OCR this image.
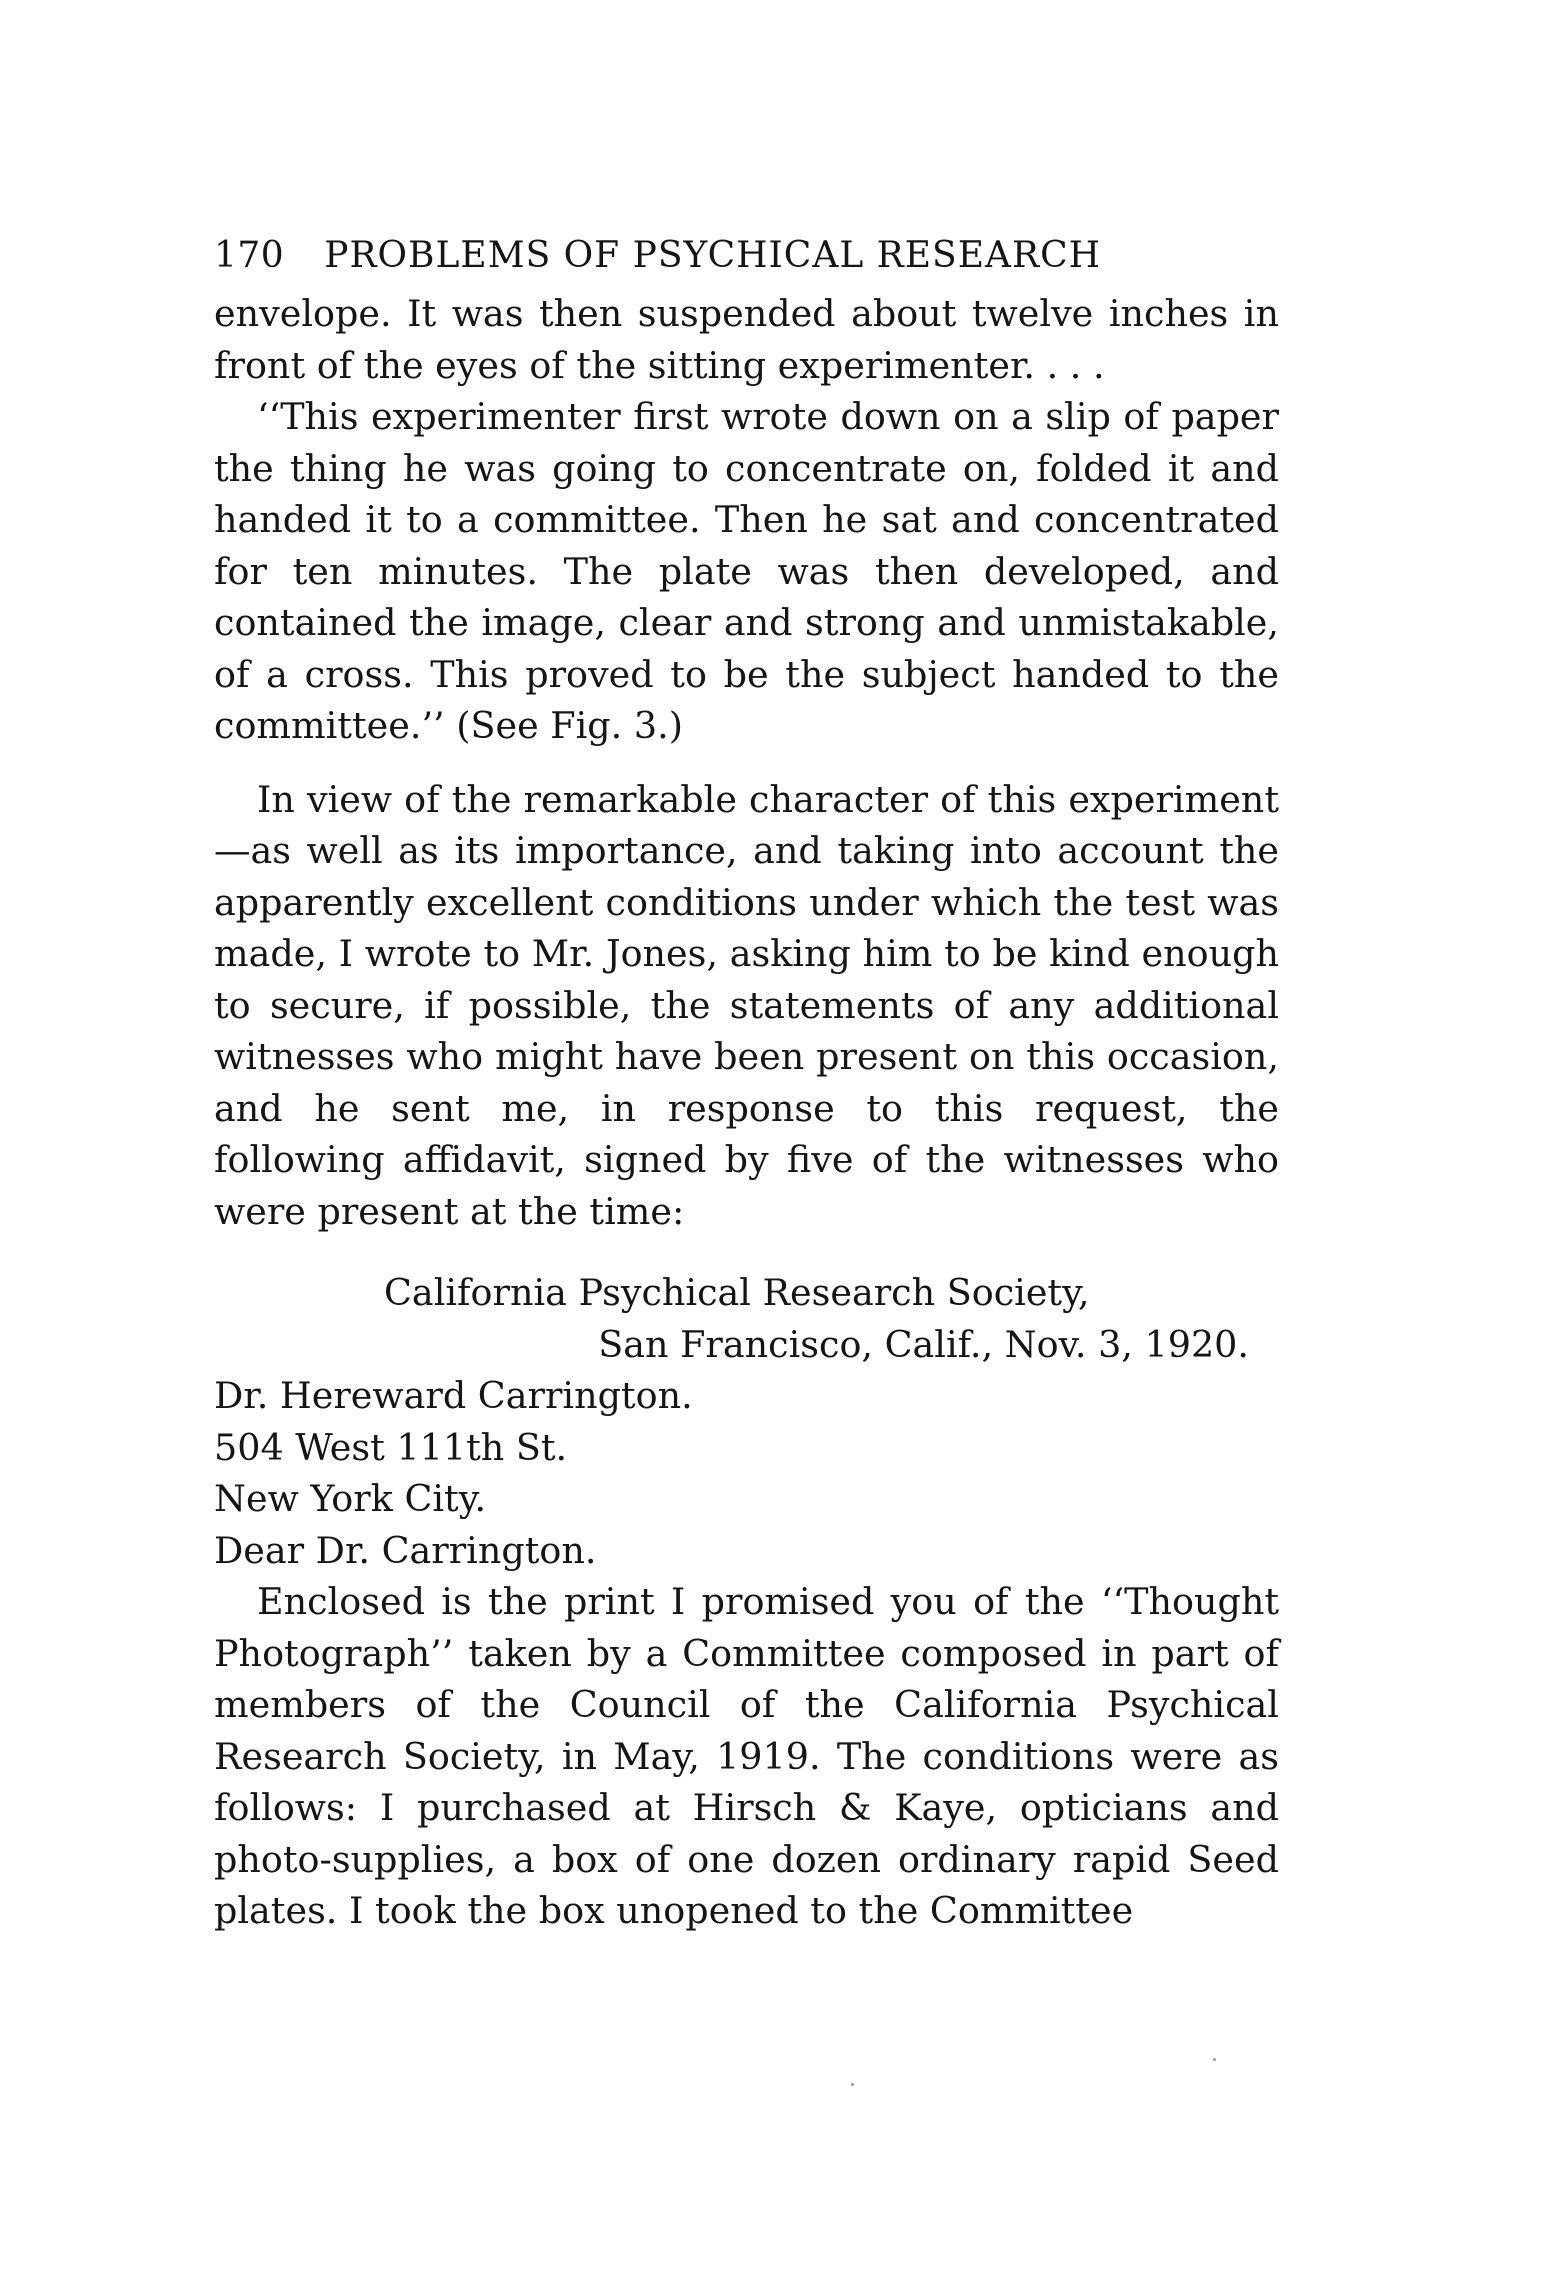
170 PROBLEMS OF PSYCHICAL RESEARCH

envelope. It was then suspended about twelve inches in front of the eyes of the sitting experimenter. . . .

‘‘This experimenter first wrote down on a slip of paper the thing he was going to concentrate on, folded it and handed it to a committee. Then he sat and concentrated for ten minutes. The plate was then developed, and contained the image, clear and strong and unmistakable, of a cross. This proved to be the subject handed to the committee.’’ (See Fig. 3.)

In view of the remarkable character of this experiment —as well as its importance, and taking into account the apparently excellent conditions under which the test was made, I wrote to Mr. Jones, asking him to be kind enough to secure, if possible, the statements of any additional witnesses who might have been present on this occasion, and he sent me, in response to this request, the following affidavit, signed by five of the witnesses who were present at the time:

California Psychical Research Society,
San Francisco, Calif., Nov. 3, 1920.
Dr. Hereward Carrington.
504 West 111th St.
New York City.
Dear Dr. Carrington.

Enclosed is the print I promised you of the ‘‘Thought Photograph’’ taken by a Committee composed in part of members of the Council of the California Psychical Research Society, in May, 1919. The conditions were as follows: I purchased at Hirsch & Kaye, opticians and photo-supplies, a box of one dozen ordinary rapid Seed plates. I took the box unopened to the Committee
